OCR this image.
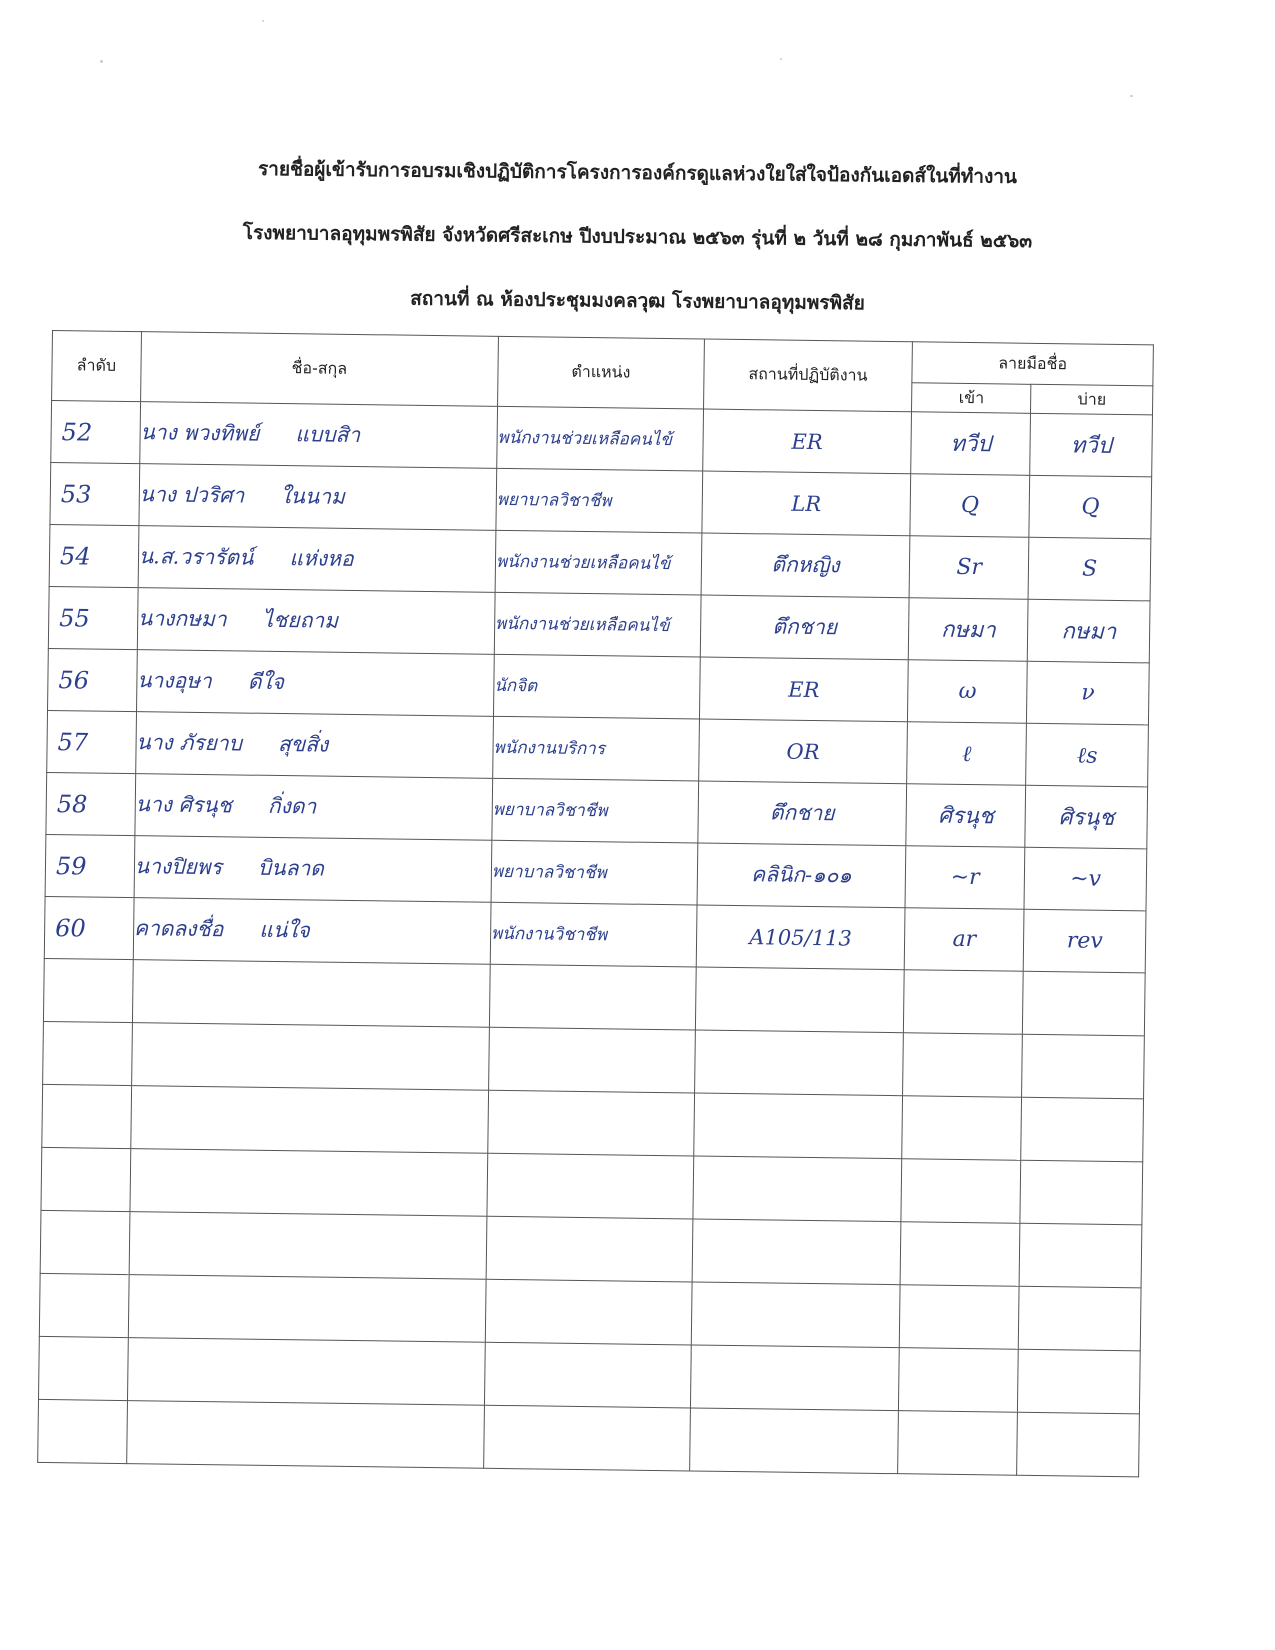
รายชื่อผู้เข้ารับการอบรมเชิงปฏิบัติการโครงการองค์กรดูแลห่วงใยใส่ใจป้องกันเอดส์ในที่ทำงาน
โรงพยาบาลอุทุมพรพิสัย จังหวัดศรีสะเกษ ปีงบประมาณ ๒๕๖๓ รุ่นที่ ๒ วันที่ ๒๘ กุมภาพันธ์ ๒๕๖๓
สถานที่ ณ ห้องประชุมมงคลวุฒ โรงพยาบาลอุทุมพรพิสัย
ลำดับ	ชื่อ-สกุล	ตำแหน่ง	สถานที่ปฏิบัติงาน	ลายมือชื่อ	
				เข้า	บ่าย
52	นาง พวงทิพย์ แบบสิา	พนักงานช่วยเหลือคนไข้	ER	ทวีป	ทวีป
53	นาง ปวริศา ในนาม	พยาบาลวิชาชีพ	LR	Q	Q
54	น.ส.วรารัตน์ แห่งหอ	พนักงานช่วยเหลือคนไข้	ตึกหญิง	Sr	S
55	นางกษมา ไชยถาม	พนักงานช่วยเหลือคนไข้	ตึกชาย	กษมา	กษมา
56	นางอุษา ดีใจ	นักจิต	ER	ω	ν
57	นาง ภัรยาบ สุขสิ่ง	พนักงานบริการ	OR	ℓ	ℓs
58	นาง ศิรนุช กิ่งดา	พยาบาลวิชาชีพ	ตึกชาย	ศิรนุช	ศิรนุช
59	นางปิยพร บินลาด	พยาบาลวิชาชีพ	คลินิก-๑๐๑	~r	~v
60	คาดลงชื่อ แน่ใจ	พนักงานวิชาชีพ	A105/113	ar	rev
